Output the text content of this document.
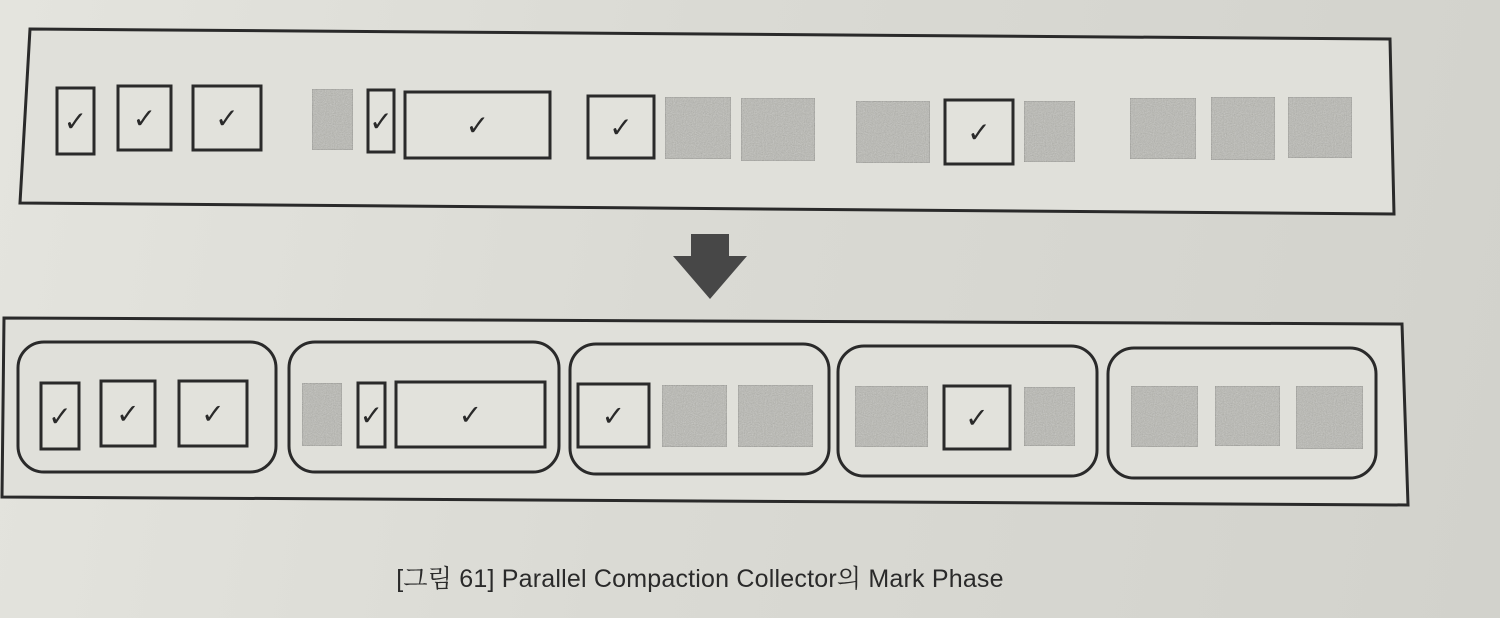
✓ ✓ ✓	✓	✓	✓	✓
✓ ✓ ✓	✓	✓	✓	✓
[그림 61] Parallel Compaction Collector의 Mark Phase
